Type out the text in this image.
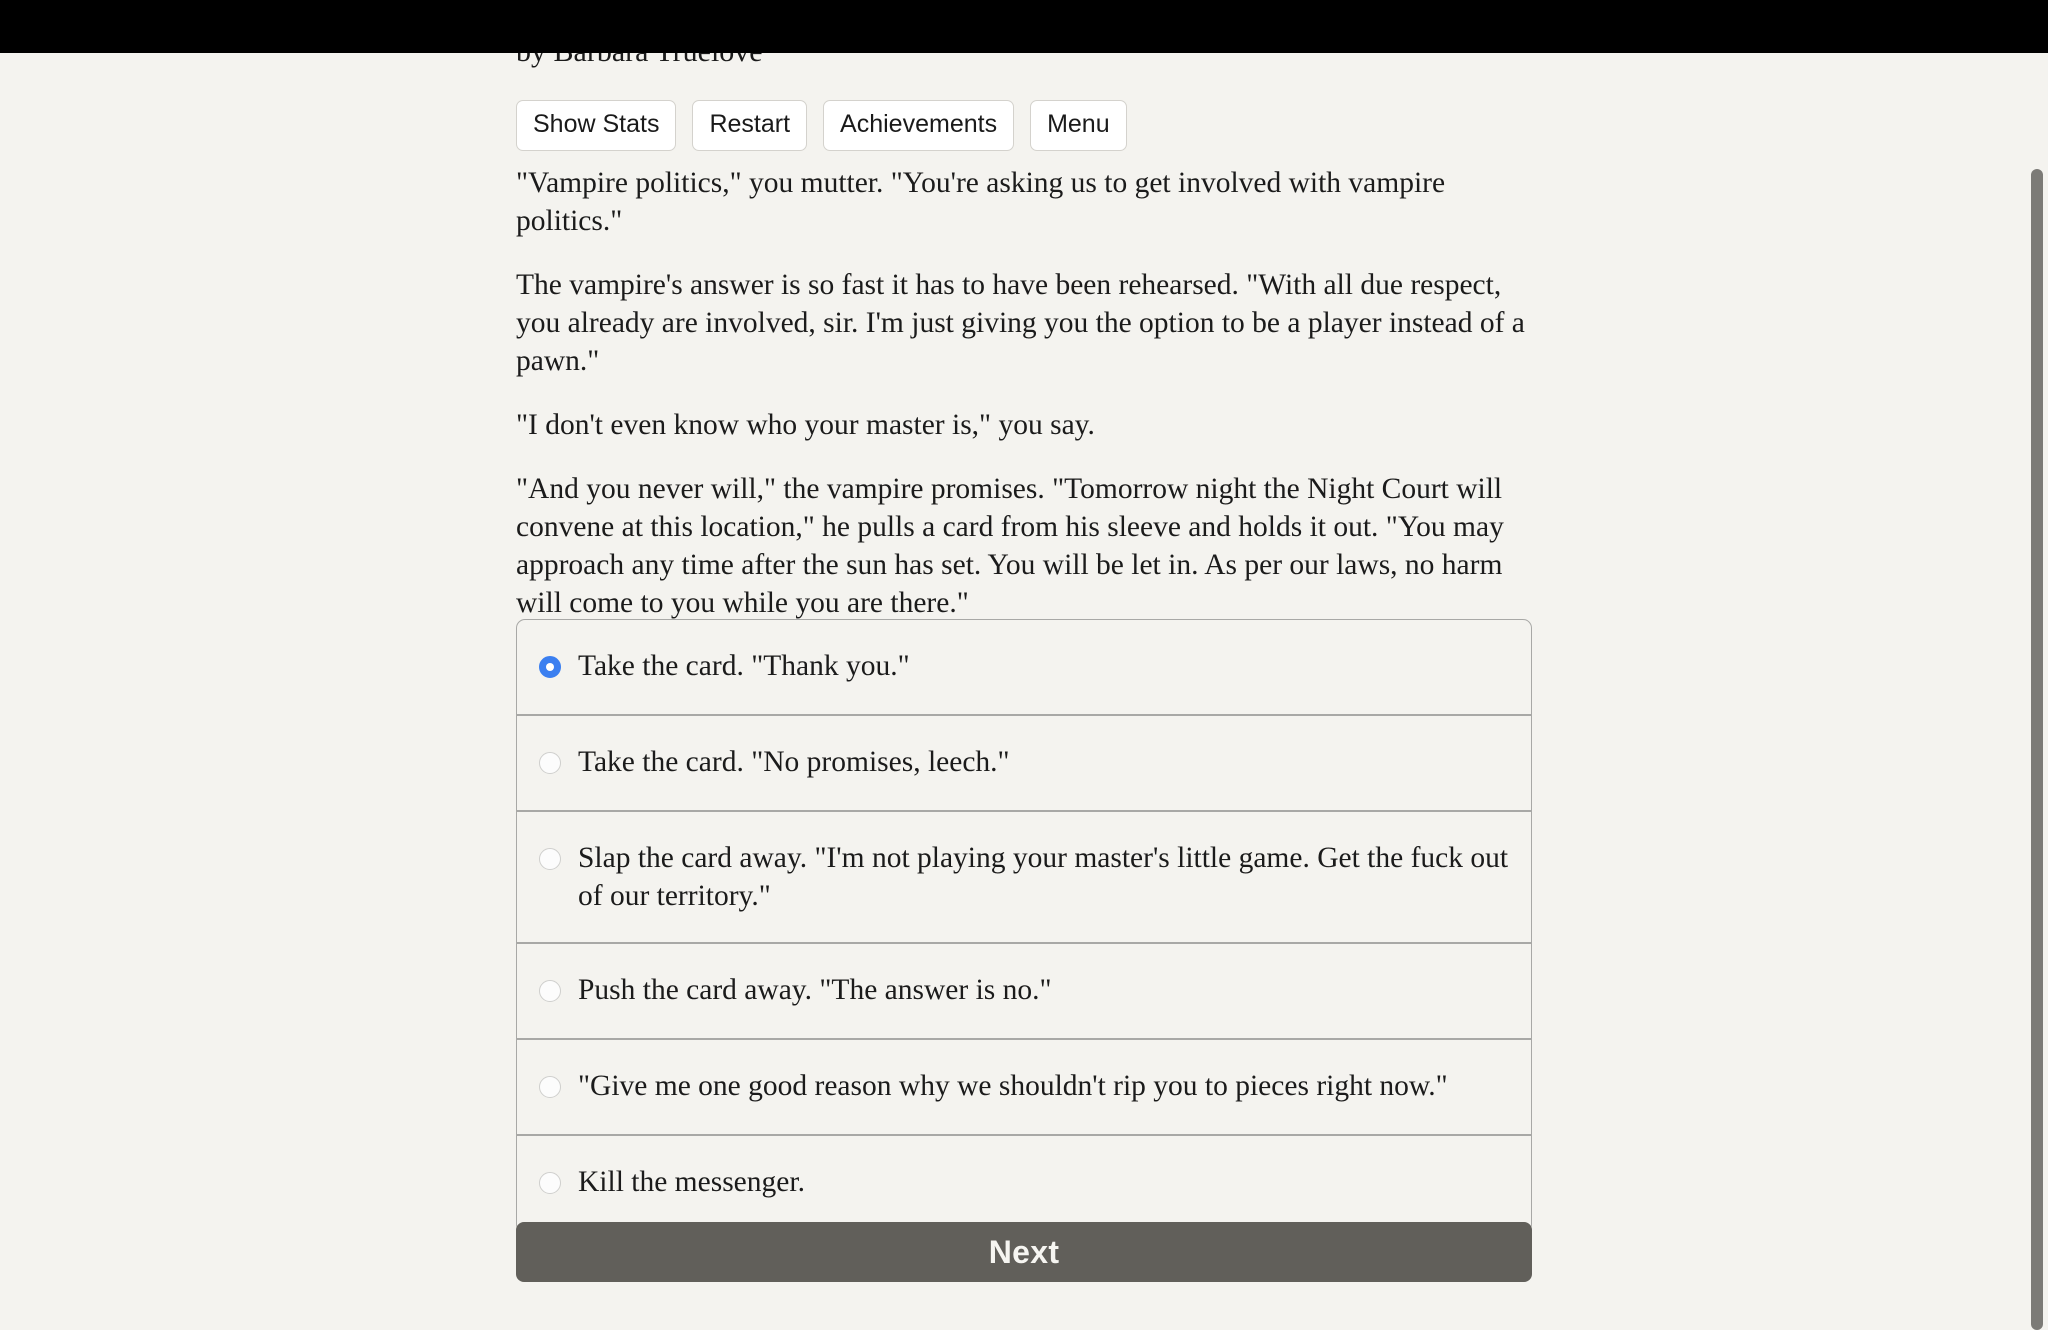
Show Stats	Restart	Achievements	Menu

"Vampire politics," you mutter. "You're asking us to get involved with vampire politics."

The vampire's answer is so fast it has to have been rehearsed. "With all due respect, you already are involved, sir. I'm just giving you the option to be a player instead of a pawn."

"I don't even know who your master is," you say.

"And you never will," the vampire promises. "Tomorrow night the Night Court will convene at this location," he pulls a card from his sleeve and holds it out. "You may approach any time after the sun has set. You will be let in. As per our laws, no harm will come to you while you are there."

Take the card. "Thank you."
Take the card. "No promises, leech."
Slap the card away. "I'm not playing your master's little game. Get the fuck out of our territory."
Push the card away. "The answer is no."
"Give me one good reason why we shouldn't rip you to pieces right now."
Kill the messenger.
Next
